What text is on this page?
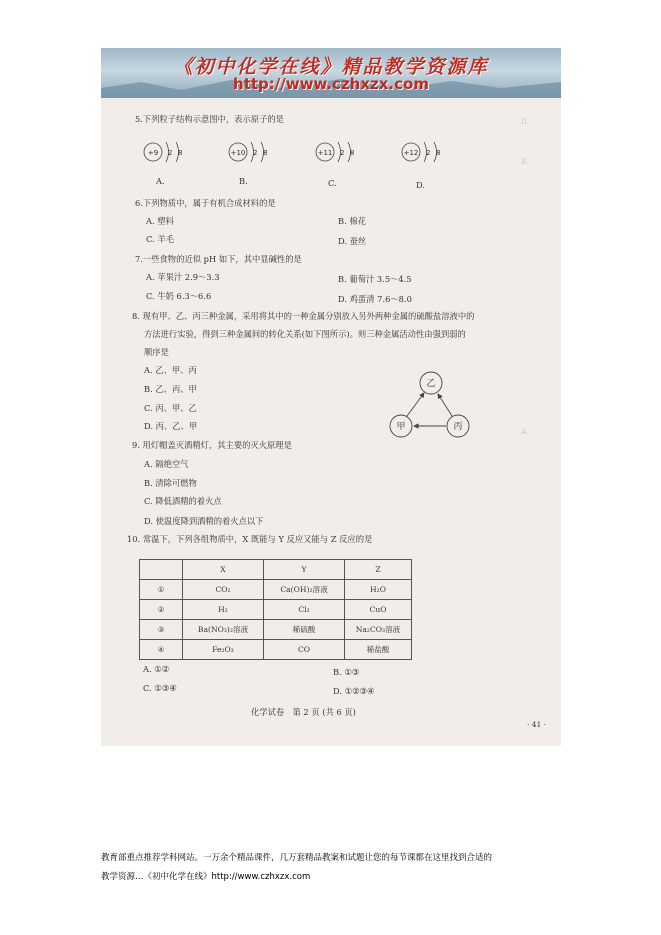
《初中化学在线》精品教学资源库
http://www.czhxzx.com
D.
B.
A.
5.下列粒子结构示意图中，表示原子的是
+9 2 8
A.
+10 2 8
B.
+11 2 8
C.
+12 2 8
D.
6.下列物质中，属于有机合成材料的是
A. 塑料	B. 棉花
C. 羊毛	D. 蚕丝
7.一些食物的近似 pH 如下，其中显碱性的是
A. 苹果汁 2.9～3.3	B. 葡萄汁 3.5～4.5
C. 牛奶 6.3～6.6	D. 鸡蛋清 7.6～8.0
8. 现有甲、乙、丙三种金属，采用将其中的一种金属分别放入另外两种金属的硫酸盐溶液中的
方法进行实验，得到三种金属间的转化关系(如下图所示)。则三种金属活动性由强到弱的
顺序是
A. 乙、甲、丙
B. 乙、丙、甲
C. 丙、甲、乙
D. 丙、乙、甲
乙
甲	丙
9. 用灯帽盖灭酒精灯，其主要的灭火原理是
A. 隔绝空气
B. 清除可燃物
C. 降低酒精的着火点
D. 使温度降到酒精的着火点以下
10. 常温下，下列各组物质中，X 既能与 Y 反应又能与 Z 反应的是
	X	Y	Z
①	CO₂	Ca(OH)₂溶液	H₂O
②	H₂	Cl₂	CuO
③	Ba(NO₃)₂溶液	稀硫酸	Na₂CO₃溶液
④	Fe₂O₃	CO	稀盐酸
A. ①②	B. ①③
C. ①③④	D. ①②③④
化学试卷　第 2 页 (共 6 页)
· 41 ·
教育部重点推荐学科网站。一万余个精品课件，几万套精品教案和试题让您的每节课都在这里找到合适的
教学资源…《初中化学在线》http://www.czhxzx.com
